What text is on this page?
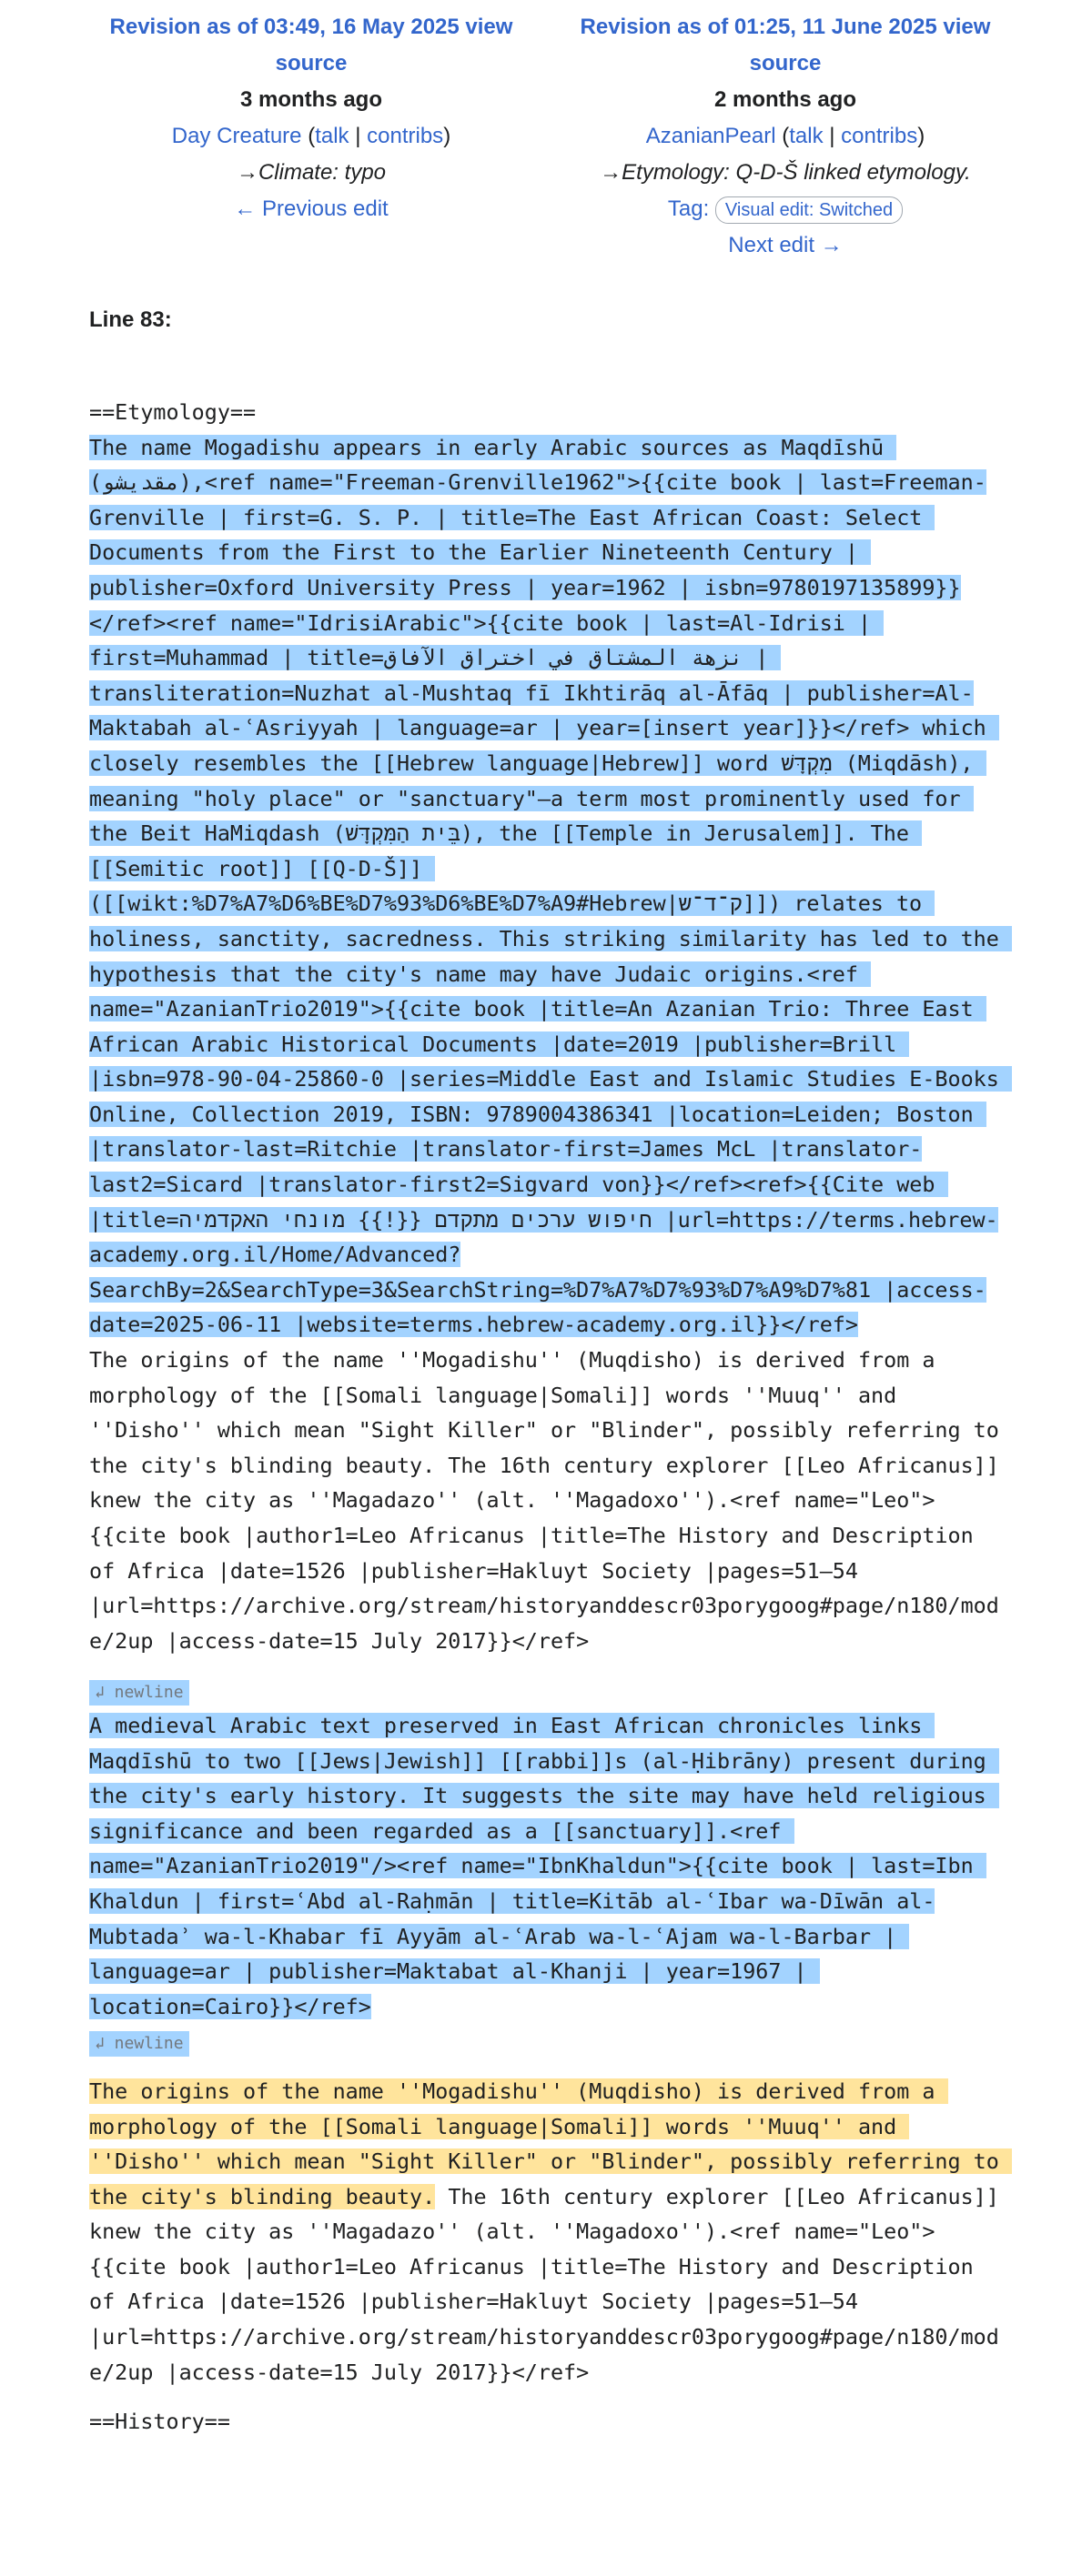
Revision as of 03:49, 16 May 2025 view
source
3 months ago
Day Creature (talk | contribs)
→Climate: typo
← Previous edit
Revision as of 01:25, 11 June 2025 view
source
2 months ago
AzanianPearl (talk | contribs)
→Etymology: Q-D-Š linked etymology.
Tag: Visual edit: Switched
Next edit →
Line 83:
==Etymology==
The name Mogadishu appears in early Arabic sources as Maqdīshū (مقديشو),<ref name="Freeman-Grenville1962">{{cite book | last=Freeman-Grenville | first=G. S. P. | title=The East African Coast: Select Documents from the First to the Earlier Nineteenth Century | publisher=Oxford University Press | year=1962 | isbn=9780197135899}}</ref><ref name="IdrisiArabic">{{cite book | last=Al-Idrisi | first=Muhammad | title=نزهة المشتاق في اختراق الآفاق | transliteration=Nuzhat al-Mushtaq fī Ikhtirāq al-Āfāq | publisher=Al-Maktabah al-ʿAsriyyah | language=ar | year=[insert year]}}</ref> which closely resembles the [[Hebrew language|Hebrew]] word מִקְדָּשׁ (Miqdāsh), meaning "holy place" or "sanctuary"—a term most prominently used for the Beit HaMiqdash (בֵּית הַמִּקְדָּשׁ), the [[Temple in Jerusalem]]. The [[Semitic root]] [[Q-D-Š]] ([[wikt:%D7%A7%D6%BE%D7%93%D6%BE%D7%A9#Hebrew|ק־ד־ש]]) relates to holiness, sanctity, sacredness. This striking similarity has led to the hypothesis that the city's name may have Judaic origins.<ref name="AzanianTrio2019">{{cite book |title=An Azanian Trio: Three East African Arabic Historical Documents |date=2019 |publisher=Brill |isbn=978-90-04-25860-0 |series=Middle East and Islamic Studies E-Books Online, Collection 2019, ISBN: 9789004386341 |location=Leiden; Boston |translator-last=Ritchie |translator-first=James McL |translator-last2=Sicard |translator-first2=Sigvard von}}</ref><ref>{{Cite web |title=חיפוש ערכים מתקדם {{!}} מונחי האקדמיה |url=https://terms.hebrew-academy.org.il/Home/Advanced?SearchBy=2&SearchType=3&SearchString=%D7%A7%D7%93%D7%A9%D7%81 |access-date=2025-06-11 |website=terms.hebrew-academy.org.il}}</ref>
The origins of the name ''Mogadishu'' (Muqdisho) is derived from a morphology of the [[Somali language|Somali]] words ''Muuq'' and ''Disho'' which mean "Sight Killer" or "Blinder", possibly referring to the city's blinding beauty. The 16th century explorer [[Leo Africanus]] knew the city as ''Magadazo'' (alt. ''Magadoxo'').<ref name="Leo">{{cite book |author1=Leo Africanus |title=The History and Description of Africa |date=1526 |publisher=Hakluyt Society |pages=51–54 |url=https://archive.org/stream/historyanddescr03porygoog#page/n180/mode/2up |access-date=15 July 2017}}</ref>

↲ newline
A medieval Arabic text preserved in East African chronicles links Maqdīshū to two [[Jews|Jewish]] [[rabbi]]s (al-Ḥibrāny) present during the city's early history. It suggests the site may have held religious significance and been regarded as a [[sanctuary]].<ref name="AzanianTrio2019"/><ref name="IbnKhaldun">{{cite book | last=Ibn Khaldun | first=ʿAbd al-Raḥmān | title=Kitāb al-ʿIbar wa-Dīwān al-Mubtadaʾ wa-l-Khabar fī Ayyām al-ʿArab wa-l-ʿAjam wa-l-Barbar | language=ar | publisher=Maktabat al-Khanji | year=1967 | location=Cairo}}</ref>
↲ newline

The origins of the name ''Mogadishu'' (Muqdisho) is derived from a morphology of the [[Somali language|Somali]] words ''Muuq'' and ''Disho'' which mean "Sight Killer" or "Blinder", possibly referring to the city's blinding beauty. The 16th century explorer [[Leo Africanus]] knew the city as ''Magadazo'' (alt. ''Magadoxo'').<ref name="Leo">{{cite book |author1=Leo Africanus |title=The History and Description of Africa |date=1526 |publisher=Hakluyt Society |pages=51–54 |url=https://archive.org/stream/historyanddescr03porygoog#page/n180/mode/2up |access-date=15 July 2017}}</ref>

==History==
